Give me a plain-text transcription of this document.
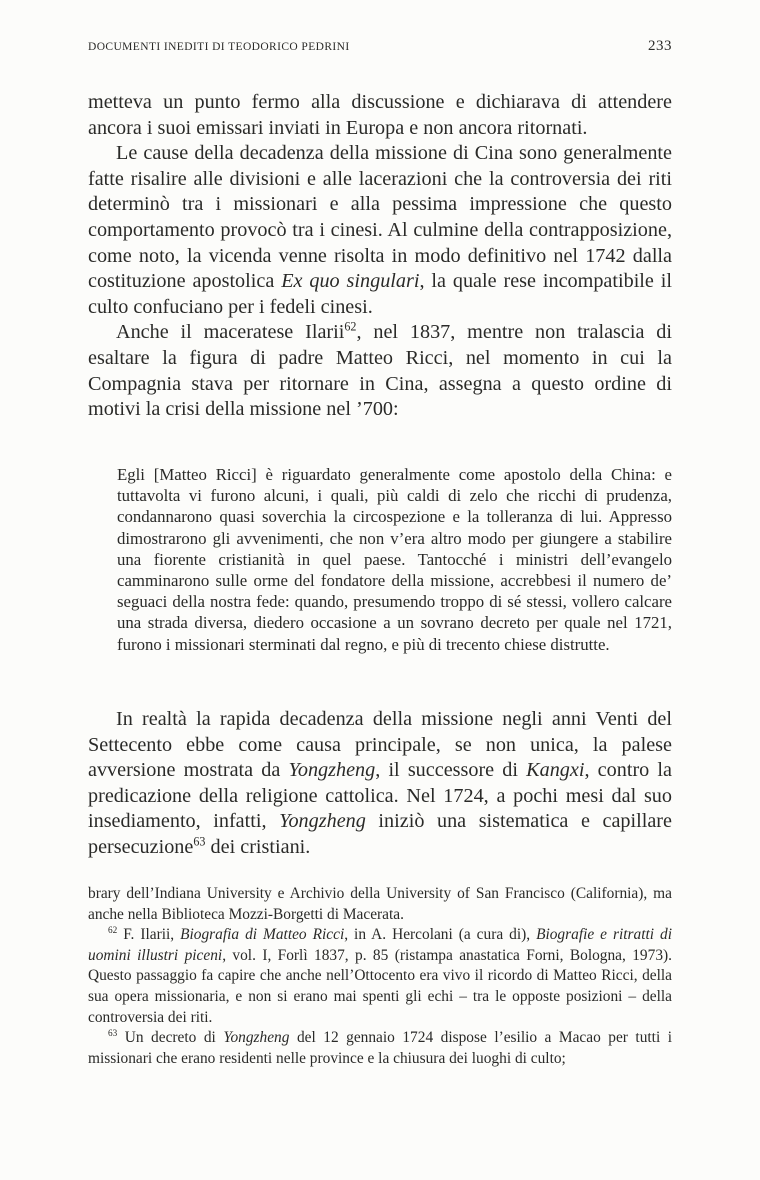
DOCUMENTI INEDITI DI TEODORICO PEDRINI	233

metteva un punto fermo alla discussione e dichiarava di attendere ancora i suoi emissari inviati in Europa e non ancora ritornati.

Le cause della decadenza della missione di Cina sono generalmente fatte risalire alle divisioni e alle lacerazioni che la controversia dei riti determinò tra i missionari e alla pessima impressione che questo comportamento provocò tra i cinesi. Al culmine della contrapposizione, come noto, la vicenda venne risolta in modo definitivo nel 1742 dalla costituzione apostolica Ex quo singulari, la quale rese incompatibile il culto confuciano per i fedeli cinesi.

Anche il maceratese Ilarii$^{62}$, nel 1837, mentre non tralascia di esaltare la figura di padre Matteo Ricci, nel momento in cui la Compagnia stava per ritornare in Cina, assegna a questo ordine di motivi la crisi della missione nel ’700:

Egli [Matteo Ricci] è riguardato generalmente come apostolo della China: e tuttavolta vi furono alcuni, i quali, più caldi di zelo che ricchi di prudenza, condannarono quasi soverchia la circospezione e la tolleranza di lui. Appresso dimostrarono gli avvenimenti, che non v’era altro modo per giungere a stabilire una fiorente cristianità in quel paese. Tantocché i ministri dell’evangelo camminarono sulle orme del fondatore della missione, accrebbesi il numero de’ seguaci della nostra fede: quando, presumendo troppo di sé stessi, vollero calcare una strada diversa, diedero occasione a un sovrano decreto per quale nel 1721, furono i missionari sterminati dal regno, e più di trecento chiese distrutte.

In realtà la rapida decadenza della missione negli anni Venti del Settecento ebbe come causa principale, se non unica, la palese avversione mostrata da Yongzheng, il successore di Kangxi, contro la predicazione della religione cattolica. Nel 1724, a pochi mesi dal suo insediamento, infatti, Yongzheng iniziò una sistematica e capillare persecuzione$^{63}$ dei cristiani.

brary dell’Indiana University e Archivio della University of San Francisco (California), ma anche nella Biblioteca Mozzi-Borgetti di Macerata.

$^{62}$ F. Ilarii, Biografia di Matteo Ricci, in A. Hercolani (a cura di), Biografie e ritratti di uomini illustri piceni, vol. I, Forlì 1837, p. 85 (ristampa anastatica Forni, Bologna, 1973). Questo passaggio fa capire che anche nell’Ottocento era vivo il ricordo di Matteo Ricci, della sua opera missionaria, e non si erano mai spenti gli echi – tra le opposte posizioni – della controversia dei riti.

$^{63}$ Un decreto di Yongzheng del 12 gennaio 1724 dispose l’esilio a Macao per tutti i missionari che erano residenti nelle province e la chiusura dei luoghi di culto;
